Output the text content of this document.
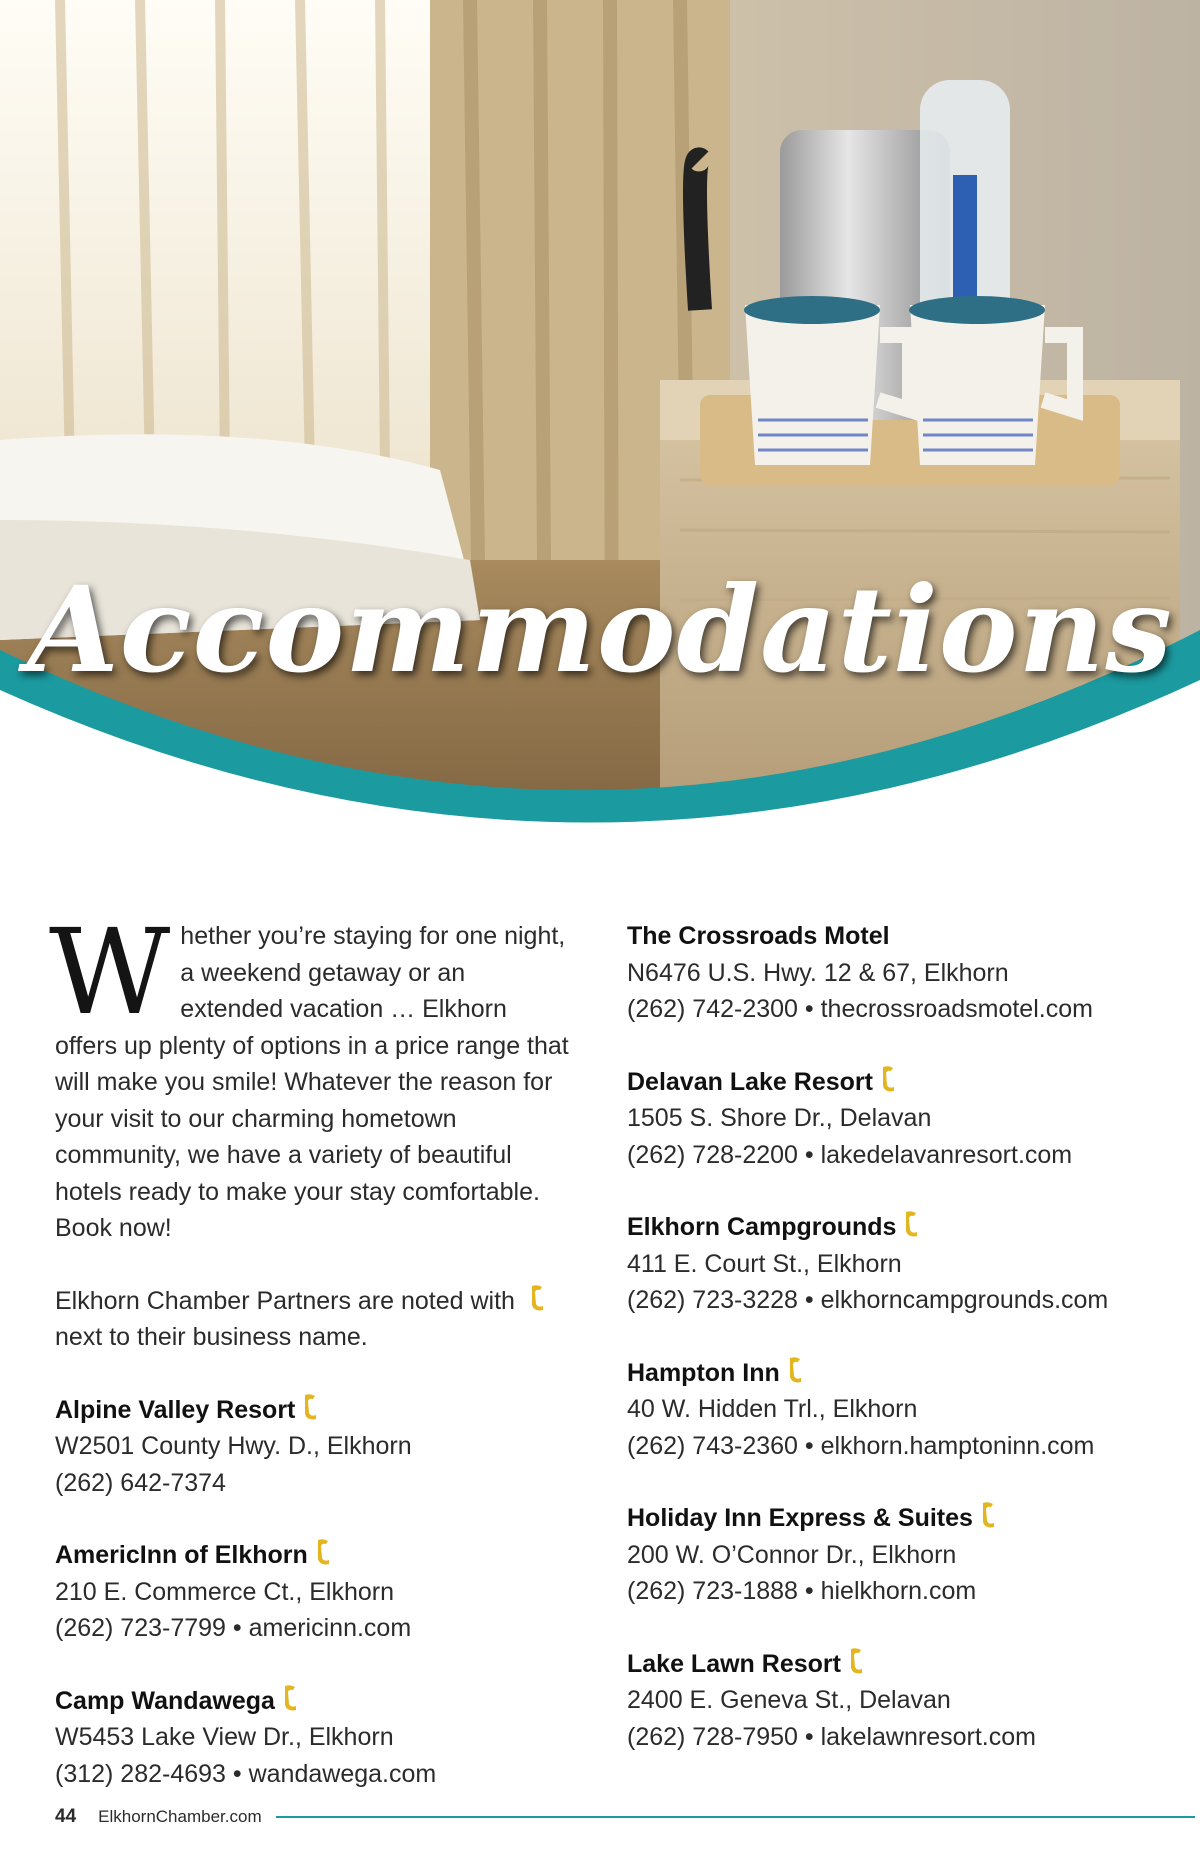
Accommodations

Whether you’re staying for one night, a weekend getaway or an extended vacation … Elkhorn offers up plenty of options in a price range that will make you smile! Whatever the reason for your visit to our charming hometown community, we have a variety of beautiful hotels ready to make your stay comfortable. Book now!

Elkhorn Chamber Partners are noted with  next to their business name.

Alpine Valley Resort
W2501 County Hwy. D., Elkhorn
(262) 642-7374
AmericInn of Elkhorn
210 E. Commerce Ct., Elkhorn
(262) 723-7799 • americinn.com
Camp Wandawega
W5453 Lake View Dr., Elkhorn
(312) 282-4693 • wandawega.com
The Crossroads Motel
N6476 U.S. Hwy. 12 & 67, Elkhorn
(262) 742-2300 • thecrossroadsmotel.com
Delavan Lake Resort
1505 S. Shore Dr., Delavan
(262) 728-2200 • lakedelavanresort.com
Elkhorn Campgrounds
411 E. Court St., Elkhorn
(262) 723-3228 • elkhorncampgrounds.com
Hampton Inn
40 W. Hidden Trl., Elkhorn
(262) 743-2360 • elkhorn.hamptoninn.com
Holiday Inn Express & Suites
200 W. O’Connor Dr., Elkhorn
(262) 723-1888 • hielkhorn.com
Lake Lawn Resort
2400 E. Geneva St., Delavan
(262) 728-7950 • lakelawnresort.com
44 ElkhornChamber.com
